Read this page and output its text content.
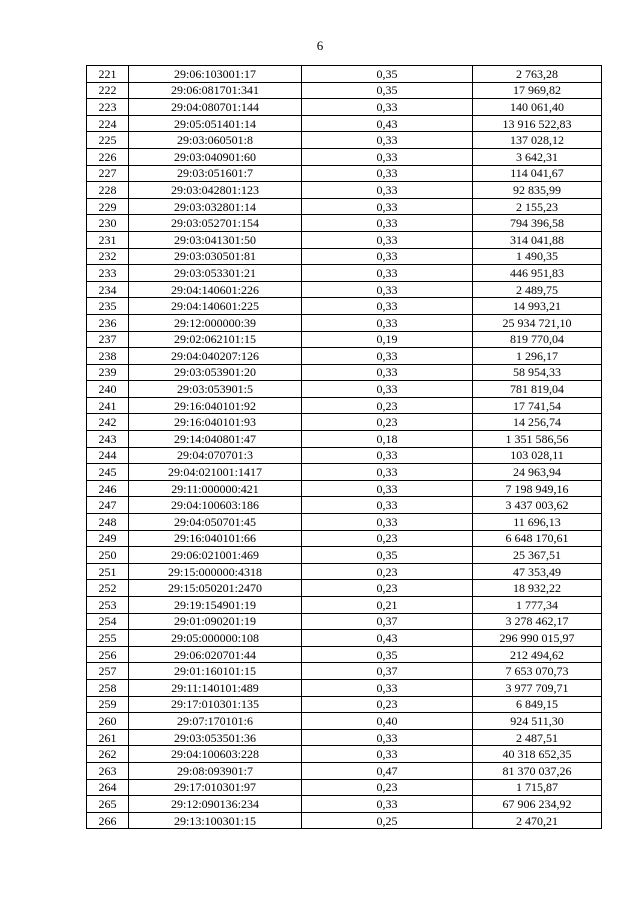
6
221	29:06:103001:17	0,35	2 763,28
222	29:06:081701:341	0,35	17 969,82
223	29:04:080701:144	0,33	140 061,40
224	29:05:051401:14	0,43	13 916 522,83
225	29:03:060501:8	0,33	137 028,12
226	29:03:040901:60	0,33	3 642,31
227	29:03:051601:7	0,33	114 041,67
228	29:03:042801:123	0,33	92 835,99
229	29:03:032801:14	0,33	2 155,23
230	29:03:052701:154	0,33	794 396,58
231	29:03:041301:50	0,33	314 041,88
232	29:03:030501:81	0,33	1 490,35
233	29:03:053301:21	0,33	446 951,83
234	29:04:140601:226	0,33	2 489,75
235	29:04:140601:225	0,33	14 993,21
236	29:12:000000:39	0,33	25 934 721,10
237	29:02:062101:15	0,19	819 770,04
238	29:04:040207:126	0,33	1 296,17
239	29:03:053901:20	0,33	58 954,33
240	29:03:053901:5	0,33	781 819,04
241	29:16:040101:92	0,23	17 741,54
242	29:16:040101:93	0,23	14 256,74
243	29:14:040801:47	0,18	1 351 586,56
244	29:04:070701:3	0,33	103 028,11
245	29:04:021001:1417	0,33	24 963,94
246	29:11:000000:421	0,33	7 198 949,16
247	29:04:100603:186	0,33	3 437 003,62
248	29:04:050701:45	0,33	11 696,13
249	29:16:040101:66	0,23	6 648 170,61
250	29:06:021001:469	0,35	25 367,51
251	29:15:000000:4318	0,23	47 353,49
252	29:15:050201:2470	0,23	18 932,22
253	29:19:154901:19	0,21	1 777,34
254	29:01:090201:19	0,37	3 278 462,17
255	29:05:000000:108	0,43	296 990 015,97
256	29:06:020701:44	0,35	212 494,62
257	29:01:160101:15	0,37	7 653 070,73
258	29:11:140101:489	0,33	3 977 709,71
259	29:17:010301:135	0,23	6 849,15
260	29:07:170101:6	0,40	924 511,30
261	29:03:053501:36	0,33	2 487,51
262	29:04:100603:228	0,33	40 318 652,35
263	29:08:093901:7	0,47	81 370 037,26
264	29:17:010301:97	0,23	1 715,87
265	29:12:090136:234	0,33	67 906 234,92
266	29:13:100301:15	0,25	2 470,21
